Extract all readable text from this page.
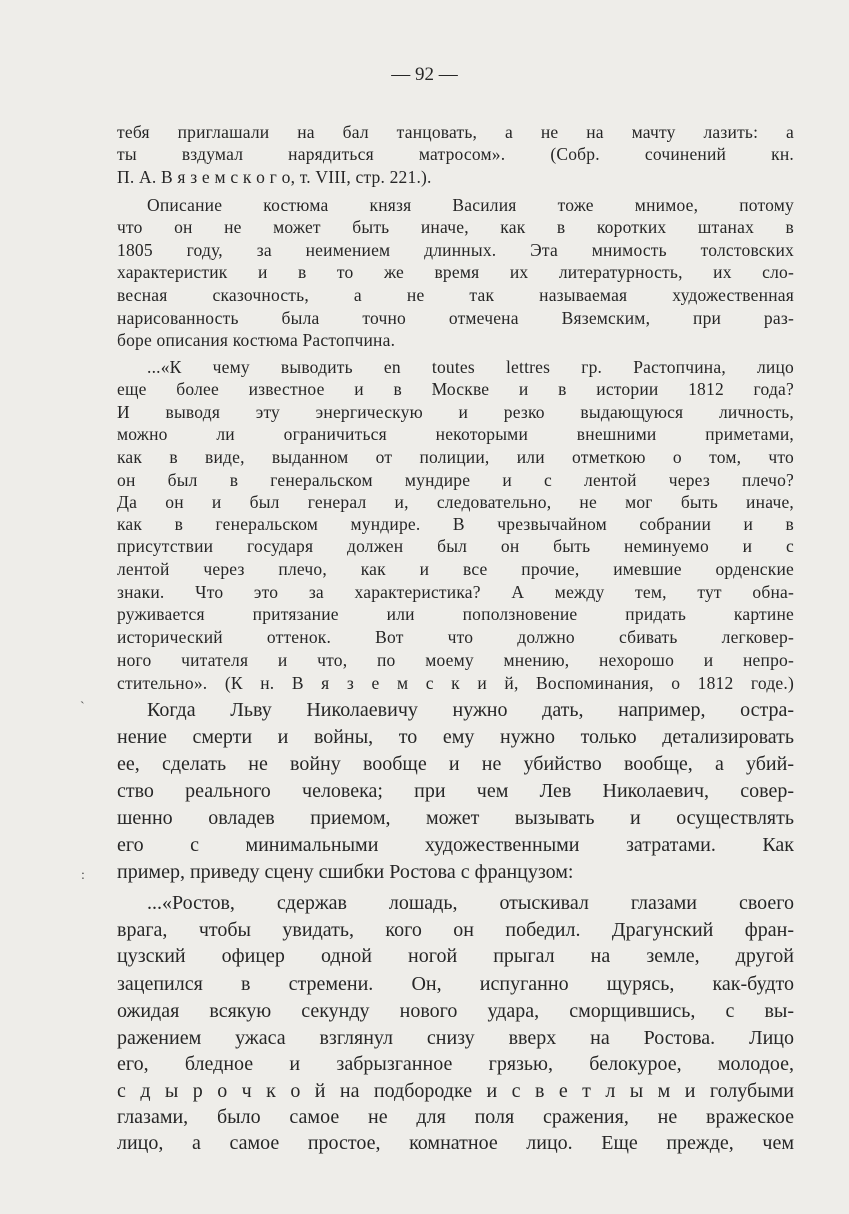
— 92 —
тебя приглашали на бал танцовать, а не на мачту лазить: а
ты вздумал нарядиться матросом». (Собр. сочинений кн.
П. А. В я з е м с к о г о, т. VIII, стр. 221.).
Описание костюма князя Василия тоже мнимое, потому
что он не может быть иначе, как в коротких штанах в
1805 году, за неимением длинных. Эта мнимость толстовских
характеристик и в то же время их литературность, их сло-
весная сказочность, а не так называемая художественная
нарисованность была точно отмечена Вяземским, при раз-
боре описания костюма Растопчина.
...«К чему выводить en toutes lettres гр. Растопчина, лицо
еще более известное и в Москве и в истории 1812 года?
И выводя эту энергическую и резко выдающуюся личность,
можно ли ограничиться некоторыми внешними приметами,
как в виде, выданном от полиции, или отметкою о том, что
он был в генеральском мундире и с лентой через плечо?
Да он и был генерал и, следовательно, не мог быть иначе,
как в генеральском мундире. В чрезвычайном собрании и в
присутствии государя должен был он быть неминуемо и с
лентой через плечо, как и все прочие, имевшие орденские
знаки. Что это за характеристика? А между тем, тут обна-
руживается притязание или поползновение придать картине
исторический оттенок. Вот что должно сбивать легковер-
ного читателя и что, по моему мнению, нехорошо и непро-
стительно». (К н. В я з е м с к и й, Воспоминания, о 1812 годе.)
Когда Льву Николаевичу нужно дать, например, остра-
нение смерти и войны, то ему нужно только детализировать
ее, сделать не войну вообще и не убийство вообще, а убий-
ство реального человека; при чем Лев Николаевич, совер-
шенно овладев приемом, может вызывать и осуществлять
его с минимальными художественными затратами. Как
пример, приведу сцену сшибки Ростова с французом:
...«Ростов, сдержав лошадь, отыскивал глазами своего
врага, чтобы увидать, кого он победил. Драгунский фран-
цузский офицер одной ногой прыгал на земле, другой
зацепился в стремени. Он, испуганно щурясь, как-будто
ожидая всякую секунду нового удара, сморщившись, с вы-
ражением ужаса взглянул снизу вверх на Ростова. Лицо
его, бледное и забрызганное грязью, белокурое, молодое,
с д ы р о ч к о й на подбородке и с в е т л ы м и голубыми
глазами, было самое не для поля сражения, не вражеское
лицо, а самое простое, комнатное лицо. Еще прежде, чем
ˋ
:
